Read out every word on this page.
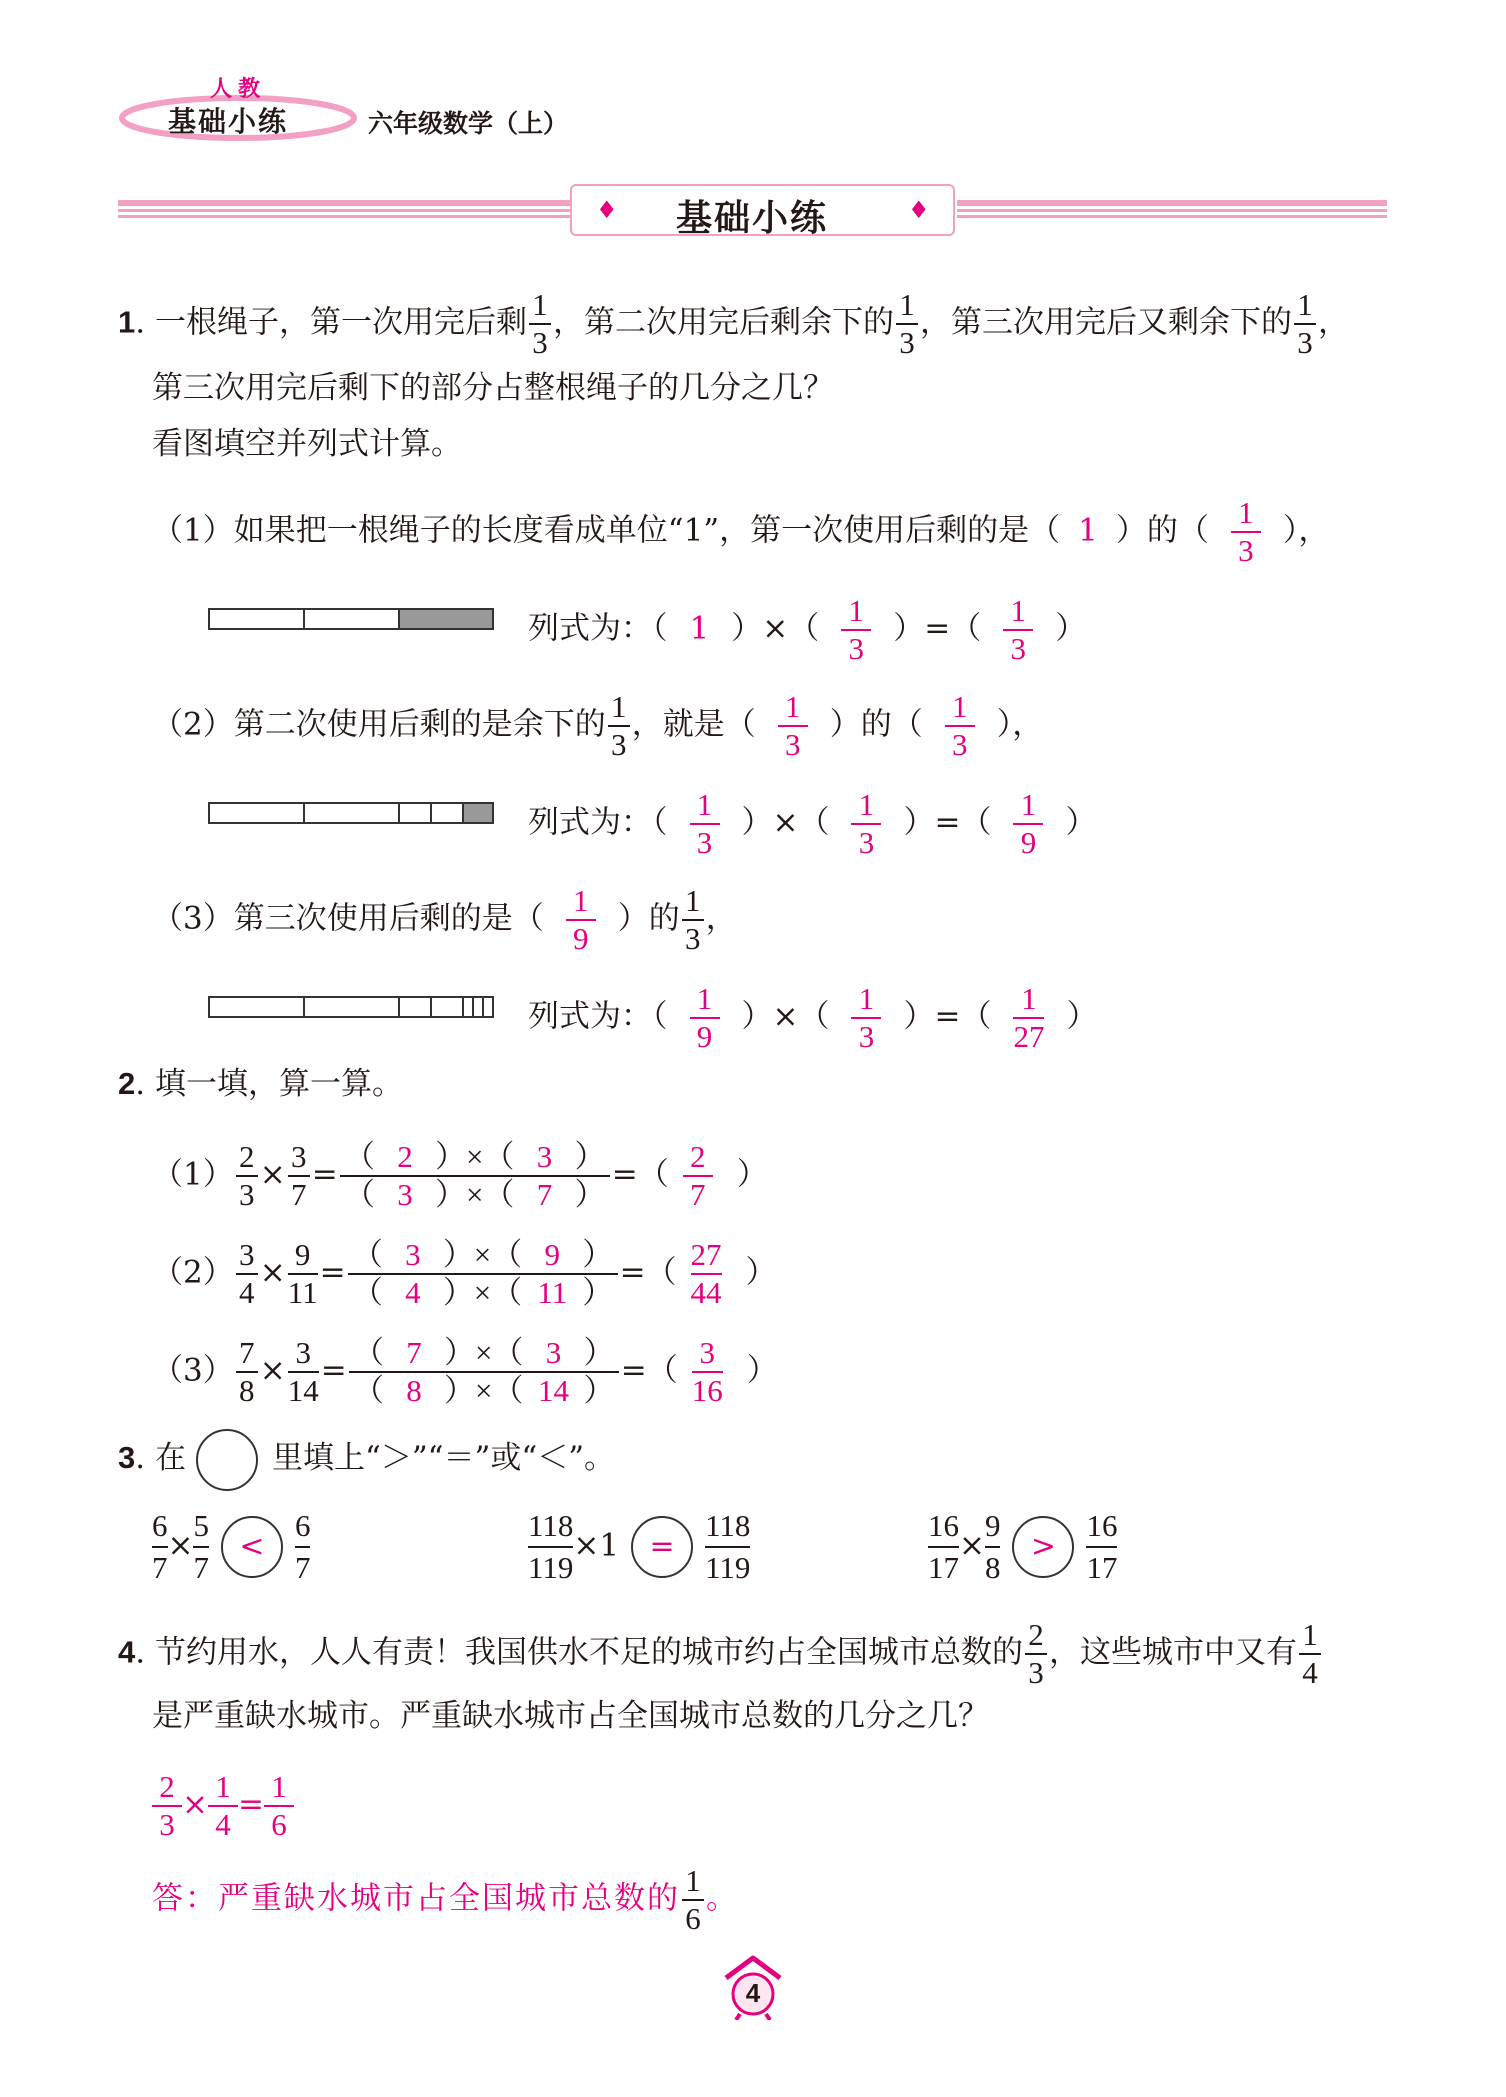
人教
基础小练	六年级数学（上）
♦ 基础小练	♦
1. 一根绳子，第一次用完后剩 $\frac{1}{3}$ ，第二次用完后剩余下的 $\frac{1}{3}$ ，第三次用完后又剩余下的 $\frac{1}{3}$ ，
第三次用完后剩下的部分占整根绳子的几分之几？
看图填空并列式计算。
（1）如果把一根绳子的长度看成单位“1”，第一次使用后剩的是（ 1 ）的（ $\frac{1}{3}$ ），
列式为：（ 1 ）×（ $\frac{1}{3}$ ）=（ $\frac{1}{3}$ ）
（2）第二次使用后剩的是余下的 $\frac{1}{3}$ ，就是（ $\frac{1}{3}$ ）的（ $\frac{1}{3}$ ），
列式为：（ $\frac{1}{3}$ ）×（ $\frac{1}{3}$ ）=（ $\frac{1}{9}$ ）
（3）第三次使用后剩的是（ $\frac{1}{9}$ ）的 $\frac{1}{3}$ ，
列式为：（ $\frac{1}{9}$ ）×（ $\frac{1}{3}$ ）=（ $\frac{1}{27}$ ）
2. 填一填，算一算。
$(1) \frac{2}{3} \times \frac{3}{7} = \frac{( 2 )\times( 3 )}{( 3 )\times( 7 )}$ =（ $\frac{2}{7}$ ）
$(2) \frac{3}{4} \times \frac{9}{11} = \frac{( 3 )\times( 9 )}{( 4 )\times( 11 )}$ =（ $\frac{27}{44}$ ）
$(3) \frac{7}{8} \times \frac{3}{14} = \frac{( 7 )\times( 3 )}{( 8 )\times( 14 )}$ =（ $\frac{3}{16}$ ）
3. 在	里填上“＞”“＝”或“＜”。
$\frac{6}{7} \times \frac{5}{7} < \frac{6}{7}$	$\frac{118}{119} \times 1 = \frac{118}{119}$	$\frac{16}{17} \times \frac{9}{8} > \frac{16}{17}$
4. 节约用水，人人有责！我国供水不足的城市约占全国城市总数的 $\frac{2}{3}$ ，这些城市中又有 $\frac{1}{4}$
是严重缺水城市。严重缺水城市占全国城市总数的几分之几？
$\frac{2}{3} \times \frac{1}{4} = \frac{1}{6}$
答：严重缺水城市占全国城市总数的 $\frac{1}{6}$ 。
4
